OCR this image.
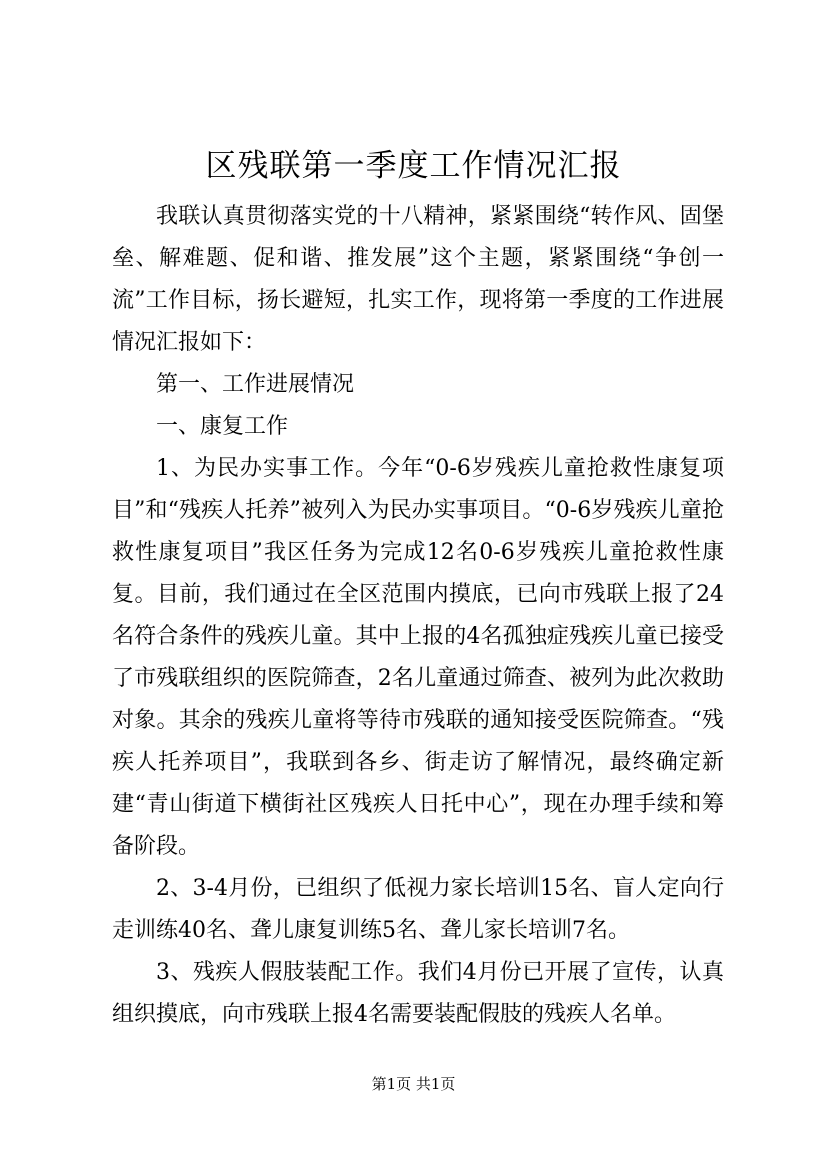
区残联第一季度工作情况汇报

我联认真贯彻落实党的十八精神，紧紧围绕“转作风、固堡垒、解难题、促和谐、推发展”这个主题，紧紧围绕“争创一流”工作目标，扬长避短，扎实工作，现将第一季度的工作进展情况汇报如下：

第一、工作进展情况

一、康复工作

1、为民办实事工作。今年“0-6岁残疾儿童抢救性康复项目”和“残疾人托养”被列入为民办实事项目。“0-6岁残疾儿童抢救性康复项目”我区任务为完成12名0-6岁残疾儿童抢救性康复。目前，我们通过在全区范围内摸底，已向市残联上报了24名符合条件的残疾儿童。其中上报的4名孤独症残疾儿童已接受了市残联组织的医院筛查，2名儿童通过筛查、被列为此次救助对象。其余的残疾儿童将等待市残联的通知接受医院筛查。“残疾人托养项目”，我联到各乡、街走访了解情况，最终确定新建“青山街道下横街社区残疾人日托中心”，现在办理手续和筹备阶段。

2、3-4月份，已组织了低视力家长培训15名、盲人定向行走训练40名、聋儿康复训练5名、聋儿家长培训7名。

3、残疾人假肢装配工作。我们4月份已开展了宣传，认真组织摸底，向市残联上报4名需要装配假肢的残疾人名单。

第1页 共1页
